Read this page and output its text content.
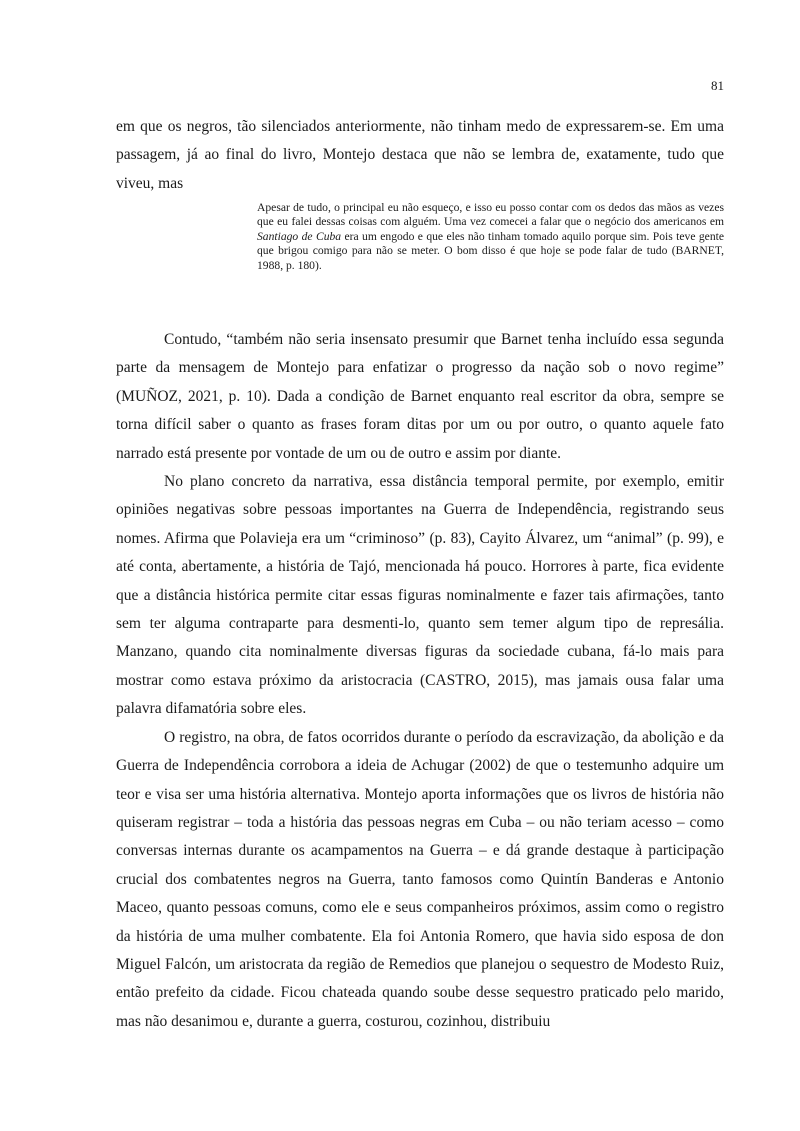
81

em que os negros, tão silenciados anteriormente, não tinham medo de expressarem-se. Em uma passagem, já ao final do livro, Montejo destaca que não se lembra de, exatamente, tudo que viveu, mas

Apesar de tudo, o principal eu não esqueço, e isso eu posso contar com os dedos das mãos as vezes que eu falei dessas coisas com alguém. Uma vez comecei a falar que o negócio dos americanos em Santiago de Cuba era um engodo e que eles não tinham tomado aquilo porque sim. Pois teve gente que brigou comigo para não se meter. O bom disso é que hoje se pode falar de tudo (BARNET, 1988, p. 180).

Contudo, “também não seria insensato presumir que Barnet tenha incluído essa segunda parte da mensagem de Montejo para enfatizar o progresso da nação sob o novo regime” (MUÑOZ, 2021, p. 10). Dada a condição de Barnet enquanto real escritor da obra, sempre se torna difícil saber o quanto as frases foram ditas por um ou por outro, o quanto aquele fato narrado está presente por vontade de um ou de outro e assim por diante.

No plano concreto da narrativa, essa distância temporal permite, por exemplo, emitir opiniões negativas sobre pessoas importantes na Guerra de Independência, registrando seus nomes. Afirma que Polavieja era um “criminoso” (p. 83), Cayito Álvarez, um “animal” (p. 99), e até conta, abertamente, a história de Tajó, mencionada há pouco. Horrores à parte, fica evidente que a distância histórica permite citar essas figuras nominalmente e fazer tais afirmações, tanto sem ter alguma contraparte para desmenti-lo, quanto sem temer algum tipo de represália. Manzano, quando cita nominalmente diversas figuras da sociedade cubana, fá-lo mais para mostrar como estava próximo da aristocracia (CASTRO, 2015), mas jamais ousa falar uma palavra difamatória sobre eles.

O registro, na obra, de fatos ocorridos durante o período da escravização, da abolição e da Guerra de Independência corrobora a ideia de Achugar (2002) de que o testemunho adquire um teor e visa ser uma história alternativa. Montejo aporta informações que os livros de história não quiseram registrar – toda a história das pessoas negras em Cuba – ou não teriam acesso – como conversas internas durante os acampamentos na Guerra – e dá grande destaque à participação crucial dos combatentes negros na Guerra, tanto famosos como Quintín Banderas e Antonio Maceo, quanto pessoas comuns, como ele e seus companheiros próximos, assim como o registro da história de uma mulher combatente. Ela foi Antonia Romero, que havia sido esposa de don Miguel Falcón, um aristocrata da região de Remedios que planejou o sequestro de Modesto Ruiz, então prefeito da cidade. Ficou chateada quando soube desse sequestro praticado pelo marido, mas não desanimou e, durante a guerra, costurou, cozinhou, distribuiu
